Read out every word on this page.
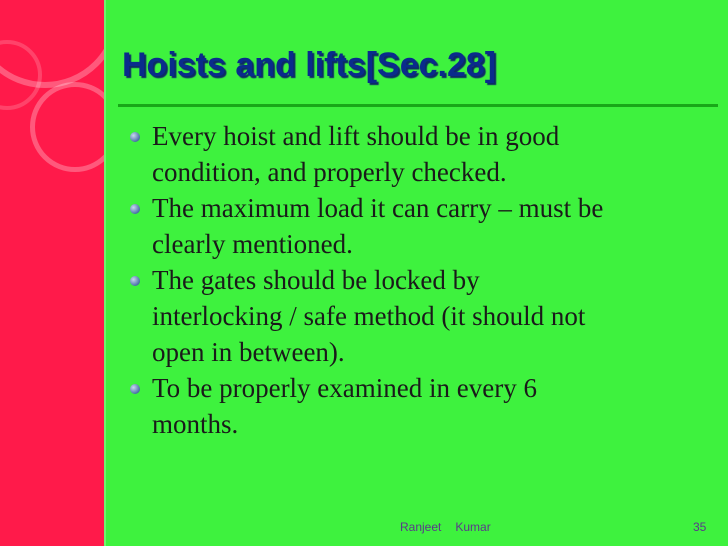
Hoists and lifts[Sec.28]
Every hoist and lift should be in good
condition, and properly checked.
The maximum load it can carry – must be
clearly mentioned.
The gates should be locked by
interlocking / safe method (it should not
open in between).
To be properly examined in every 6
months.
Ranjeet Kumar	35
